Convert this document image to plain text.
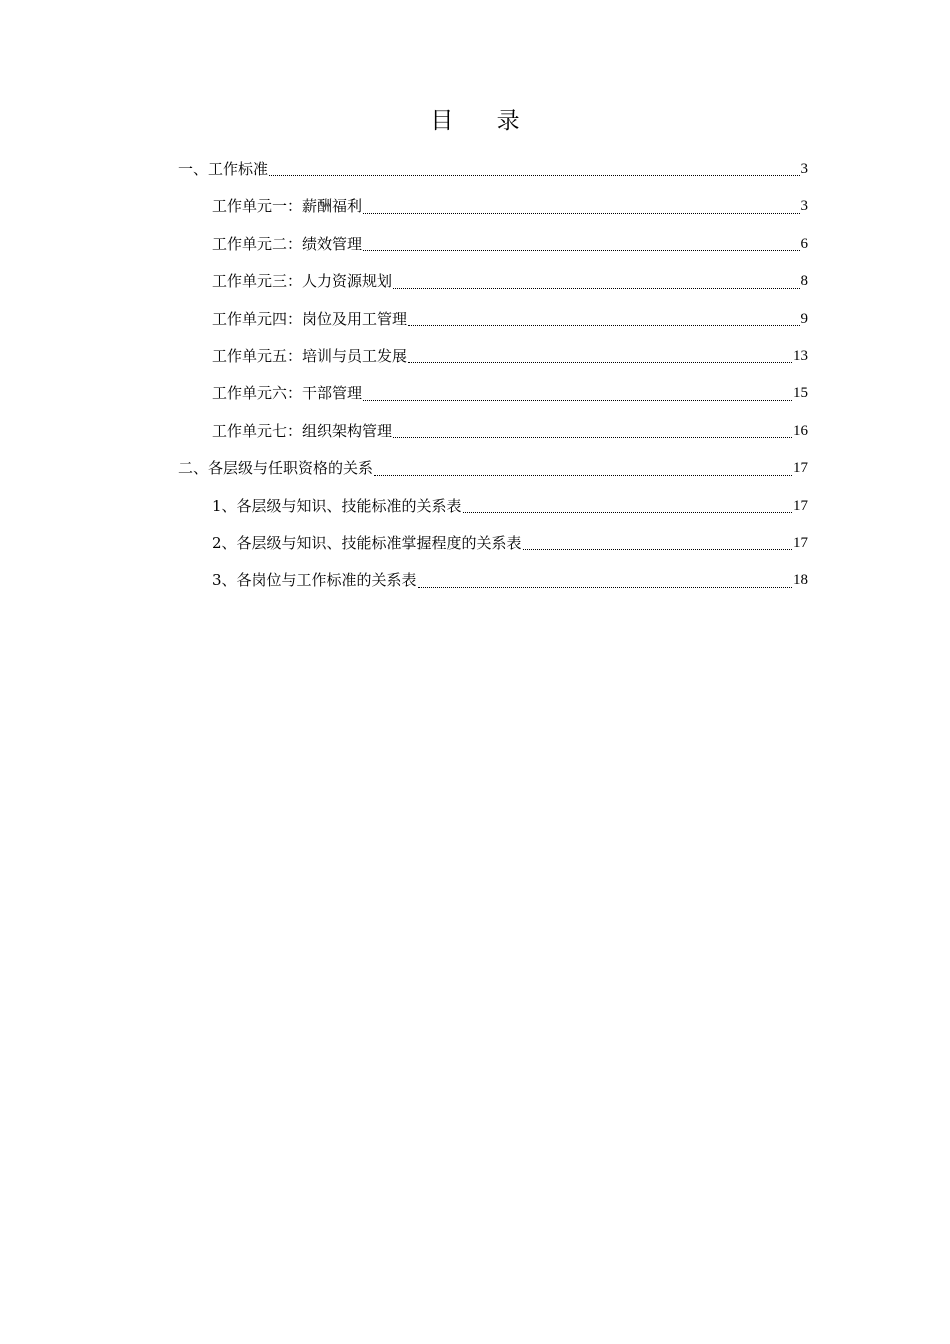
目 录
一、工作标准	3
工作单元一：薪酬福利	3
工作单元二：绩效管理	6
工作单元三：人力资源规划	8
工作单元四：岗位及用工管理	9
工作单元五：培训与员工发展	13
工作单元六：干部管理	15
工作单元七：组织架构管理	16
二、各层级与任职资格的关系	17
1、各层级与知识、技能标准的关系表	17
2、各层级与知识、技能标准掌握程度的关系表	17
3、各岗位与工作标准的关系表	18
